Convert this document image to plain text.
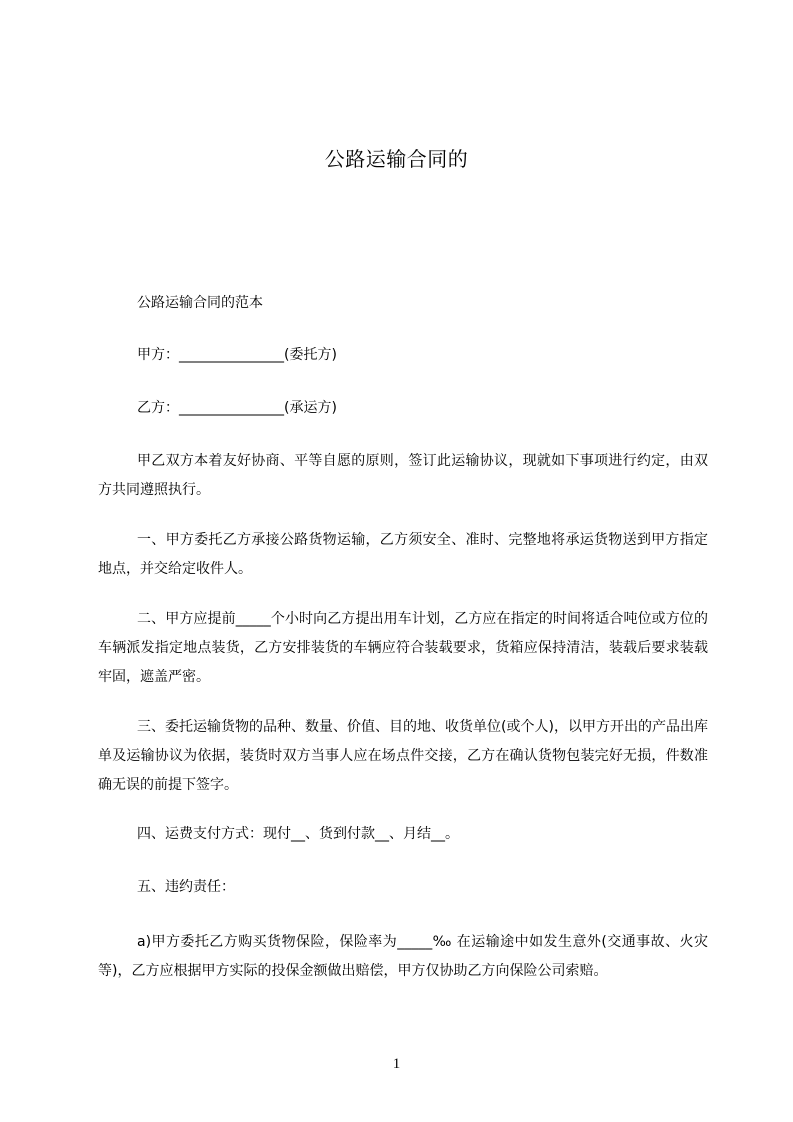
公路运输合同的
公路运输合同的范本
甲方：_______________(委托方)
乙方：_______________(承运方)
甲乙双方本着友好协商、平等自愿的原则，签订此运输协议，现就如下事项进行约定，由双方共同遵照执行。
一、甲方委托乙方承接公路货物运输，乙方须安全、准时、完整地将承运货物送到甲方指定地点，并交给定收件人。
二、甲方应提前_____个小时向乙方提出用车计划，乙方应在指定的时间将适合吨位或方位的车辆派发指定地点装货，乙方安排装货的车辆应符合装载要求，货箱应保持清洁，装载后要求装载牢固，遮盖严密。
三、委托运输货物的品种、数量、价值、目的地、收货单位(或个人)，以甲方开出的产品出库单及运输协议为依据，装货时双方当事人应在场点件交接，乙方在确认货物包装完好无损，件数准确无误的前提下签字。
四、运费支付方式：现付__、货到付款__、月结__。
五、违约责任：
a)甲方委托乙方购买货物保险，保险率为_____‰ 在运输途中如发生意外(交通事故、火灾等)，乙方应根据甲方实际的投保金额做出赔偿，甲方仅协助乙方向保险公司索赔。
1
